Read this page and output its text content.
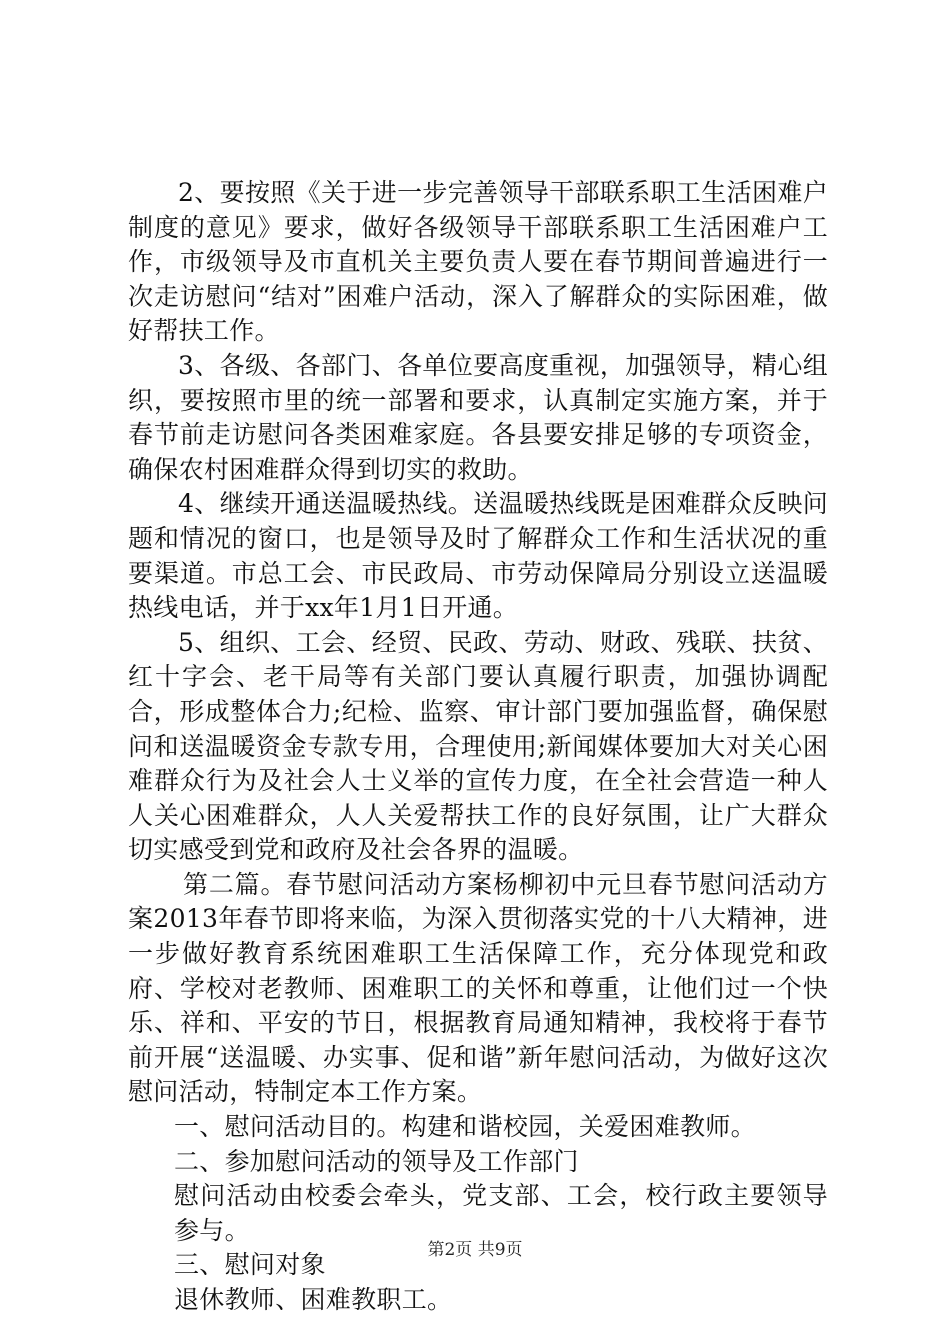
2、要按照《关于进一步完善领导干部联系职工生活困难户制度的意见》要求，做好各级领导干部联系职工生活困难户工作，市级领导及市直机关主要负责人要在春节期间普遍进行一次走访慰问“结对”困难户活动，深入了解群众的实际困难，做好帮扶工作。

3、各级、各部门、各单位要高度重视，加强领导，精心组织，要按照市里的统一部署和要求，认真制定实施方案，并于春节前走访慰问各类困难家庭。各县要安排足够的专项资金，确保农村困难群众得到切实的救助。

4、继续开通送温暖热线。送温暖热线既是困难群众反映问题和情况的窗口，也是领导及时了解群众工作和生活状况的重要渠道。市总工会、市民政局、市劳动保障局分别设立送温暖热线电话，并于xx年1月1日开通。

5、组织、工会、经贸、民政、劳动、财政、残联、扶贫、红十字会、老干局等有关部门要认真履行职责，加强协调配合，形成整体合力;纪检、监察、审计部门要加强监督，确保慰问和送温暖资金专款专用，合理使用;新闻媒体要加大对关心困难群众行为及社会人士义举的宣传力度，在全社会营造一种人人关心困难群众，人人关爱帮扶工作的良好氛围，让广大群众切实感受到党和政府及社会各界的温暖。

第二篇。春节慰问活动方案杨柳初中元旦春节慰问活动方案2013年春节即将来临，为深入贯彻落实党的十八大精神，进一步做好教育系统困难职工生活保障工作，充分体现党和政府、学校对老教师、困难职工的关怀和尊重，让他们过一个快乐、祥和、平安的节日，根据教育局通知精神，我校将于春节前开展“送温暖、办实事、促和谐”新年慰问活动，为做好这次慰问活动，特制定本工作方案。

一、慰问活动目的。构建和谐校园，关爱困难教师。

二、参加慰问活动的领导及工作部门

慰问活动由校委会牵头，党支部、工会，校行政主要领导参与。

三、慰问对象

退休教师、困难教职工。

第2页 共9页
